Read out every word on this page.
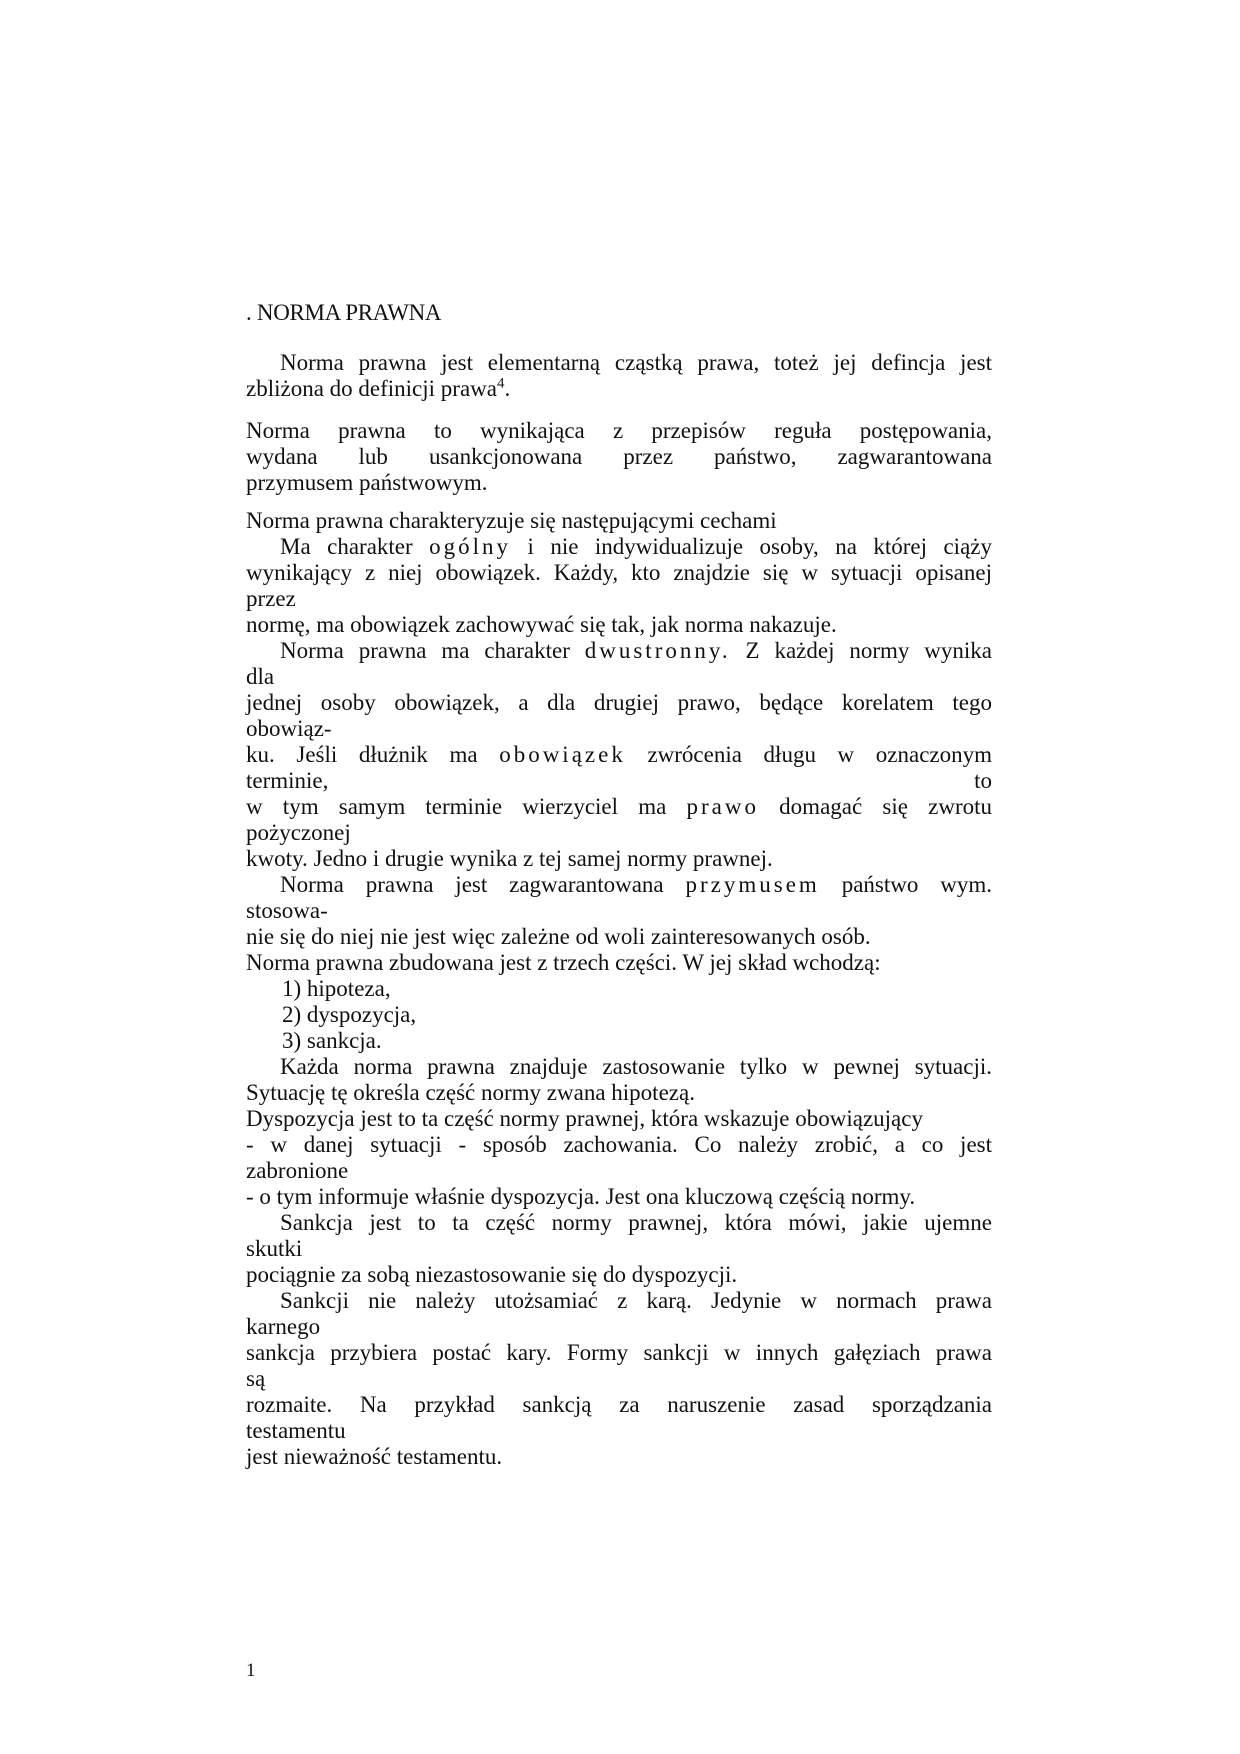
. NORMA PRAWNA
Norma prawna jest elementarną cząstką prawa, toteż jej defincja jest
zbliżona do definicji prawa$^4$.
Norma prawna to wynikająca z przepisów reguła postępowania,
wydana lub usankcjonowana przez państwo, zagwarantowana
przymusem państwowym.
Norma prawna charakteryzuje się następującymi cechami
Ma charakter ogólny i nie indywidualizuje osoby, na której ciąży
wynikający z niej obowiązek. Każdy, kto znajdzie się w sytuacji opisanej
przez
normę, ma obowiązek zachowywać się tak, jak norma nakazuje.
Norma prawna ma charakter dwustronny. Z każdej normy wynika
dla
jednej osoby obowiązek, a dla drugiej prawo, będące korelatem tego
obowiąz-
ku. Jeśli dłużnik ma obowiązek zwrócenia długu w oznaczonym
terminie,	to
w tym samym terminie wierzyciel ma prawo domagać się zwrotu
pożyczonej
kwoty. Jedno i drugie wynika z tej samej normy prawnej.
Norma prawna jest zagwarantowana przymusem państwo wym.
stosowa-
nie się do niej nie jest więc zależne od woli zainteresowanych osób.
Norma prawna zbudowana jest z trzech części. W jej skład wchodzą:
1) hipoteza,
2) dyspozycja,
3) sankcja.
Każda norma prawna znajduje zastosowanie tylko w pewnej sytuacji.
Sytuację tę określa część normy zwana hipotezą.
Dyspozycja jest to ta część normy prawnej, która wskazuje obowiązujący
- w danej sytuacji - sposób zachowania. Co należy zrobić, a co jest
zabronione
- o tym informuje właśnie dyspozycja. Jest ona kluczową częścią normy.
Sankcja jest to ta część normy prawnej, która mówi, jakie ujemne
skutki
pociągnie za sobą niezastosowanie się do dyspozycji.
Sankcji nie należy utożsamiać z karą. Jedynie w normach prawa
karnego
sankcja przybiera postać kary. Formy sankcji w innych gałęziach prawa
są
rozmaite. Na przykład sankcją za naruszenie zasad sporządzania
testamentu
jest nieważność testamentu.
1
